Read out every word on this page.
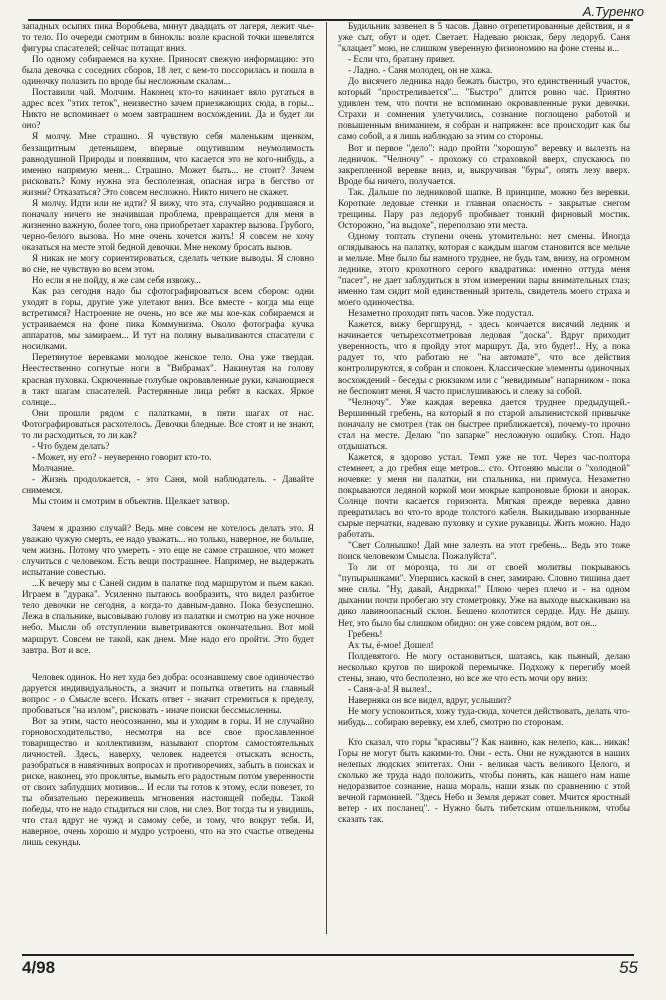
А.Туренко

западных осыпях пика Воробьева, минут двадцать от лагеря, лежит чье-то тело. По очереди смотрим в бинокль: возле красной точки шевелятся фигуры спасателей; сейчас потащат вниз.

По одному собираемся на кухне. Приносят свежую информацию: это была девочка с соседних сборов, 18 лет, с кем-то поссорилась и пошла в одиночку полазить по вроде бы несложным скалам...

Поставили чай. Молчим. Наконец кто-то начинает вяло ругаться в адрес всех "этих теток", неизвестно зачем приезжающих сюда, в горы... Никто не вспоминает о моем завтрашнем восхождении. Да и будет ли оно?

Я молчу. Мне страшно. Я чувствую себя маленьким щенком, беззащитным детенышем, впервые ощутившим неумолимость равнодушной Природы и понявшим, что касается это не кого-нибудь, а именно напрямую меня... Страшно. Может быть... не стоит? Зачем рисковать? Кому нужна эта бесполезная, опасная игра в бегство от жизни? Отказаться? Это совсем несложно. Никто ничего не скажет.

Я молчу. Идти или не идти? Я вижу, что эта, случайно родившаяся и поначалу ничего не значившая проблема, превращается для меня в жизненно важную, более того, она приобретает характер вызова. Грубого, черно-белого вызова. Но мне очень хочется жить! Я совсем не хочу оказаться на месте этой бедной девочки. Мне некому бросать вызов.

Я никак не могу сориентироваться, сделать четкие выводы. Я словно во сне, не чувствую во всем этом.

Но если я не пойду, я же сам себя извожу...

Как раз сегодня надо бы сфотографироваться всем сбором: одни уходят в горы, другие уже улетают вниз. Все вместе - когда мы еще встретимся? Настроение не очень, но все же мы кое-как собираемся и устраиваемся на фоне пика Коммунизма. Около фотографа кучка аппаратов, мы замираем... И тут на поляну вываливаются спасатели с носилками.

Перетянутое веревками молодое женское тело. Она уже твердая. Неестественно согнутые ноги в "Вибрамах". Накинутая на голову красная пуховка. Скрюченные голубые окровавленные руки, качающиеся в такт шагам спасателей. Растерянные лица ребят в касках. Яркое солнце...

Они прошли рядом с палатками, в пяти шагах от нас. Фотографироваться расхотелось. Девочки бледные. Все стоят и не знают, то ли расходиться, то ли как?

- Что будем делать?

- Может, ну его? - неуверенно говорит кто-то.

Молчание.

- Жизнь продолжается, - это Саня, мой наблюдатель. - Давайте снимемся.

Мы стоим и смотрим в объектив. Щелкает затвор.

Зачем я дразню случай? Ведь мне совсем не хотелось делать это. Я уважаю чужую смерть, ее надо уважать... но только, наверное, не больше, чем жизнь. Потому что умереть - это еще не самое страшное, что может случиться с человеком. Есть вещи пострашнее. Например, не выдержать испытание совестью.

...К вечеру мы с Саней сидим в палатке под маршрутом и пьем какао. Играем в "дурака". Усиленно пытаюсь вообразить, что видел разбитое тело девочки не сегодня, а когда-то давным-давно. Пока безуспешно. Лежа в спальнике, высовываю голову из палатки и смотрю на уже ночное небо. Мысли об отступлении выветриваются окончательно. Вот мой маршрут. Совсем не такой, как днем. Мне надо его пройти. Это будет завтра. Вот и все.

Человек одинок. Но нет худа без добра: осознавшему свое одиночество даруется индивидуальность, а значит и попытка ответить на главный вопрос - о Смысле всего. Искать ответ - значит стремиться к пределу, пробоваться "на излом", рисковать - иначе поиски бессмысленны.

Вот за этим, часто неосознанно, мы и уходим в горы. И не случайно горновосходительство, несмотря на все свое прославленное товарищество и коллективизм, называют спортом самостоятельных личностей. Здесь, наверху, человек надеется отыскать ясность, разобраться в навязчивых вопросах и противоречиях, забыть в поисках и риске, наконец, это проклятье, вымыть его радостным потом уверенности от своих заблудших мотивов... И если ты готов к этому, если повезет, то ты обязательно переживешь мгновения настоящей победы. Такой победы, что не надо стыдиться ни слов, ни слез. Вот тогда ты и увидишь, что стал вдруг не чужд и самому себе, и тому, что вокруг тебя. И, наверное, очень хорошо и мудро устроено, что на это счастье отведены лишь секунды.

Будильник зазвенел в 5 часов. Давно отрепетированные действия, и я уже сыт, обут и одет. Светает. Надеваю рюкзак, беру ледоруб. Саня "клацает" мою, не слишком уверенную физиономию на фоне стены и...

- Если что, братану привет.

- Ладно. - Саня молодец, он не хажа.

До висячего ледника надо бежать быстро, это единственный участок, который "простреливается"... "Быстро" длится ровно час. Приятно удивлен тем, что почти не вспоминаю окровавленные руки девочки. Страхи и сомнения улетучились, сознание поглощено работой и повышенным вниманием, я собран и напряжен: все происходит как бы само собой, а я лишь наблюдаю за этим со стороны.

Вот и первое "дело": надо пройти "хорошую" веревку и вылезть на ледничок. "Челночу" - прохожу со страховкой вверх, спускаюсь по закрепленной веревке вниз, и, выкручивая "буры", опять лезу вверх. Вроде бы ничего, получается.

Так. Дальше по ледниковой шапке. В принципе, можно без веревки. Короткие ледовые стенки и главная опасность - закрытые снегом трещины. Пару раз ледоруб пробивает тонкий фирновый мостик. Осторожно, "на выдохе", переползаю эти места.

Одному топтать ступени очень утомительно: нет смены. Иногда оглядываюсь на палатку, которая с каждым шагом становится все мельче и мельче. Мне было бы намного труднее, не будь там, внизу, на огромном леднике, этого крохотного серого квадратика: именно оттуда меня "пасет", не дает заблудиться в этом измерении пары внимательных глаз; именно там сидит мой единственный зритель, свидетель моего страха и моего одиночества.

Незаметно проходит пять часов. Уже подустал.

Кажется, вижу бергшрунд, - здесь кончается висячий ледник и начинается четырехсотметровая ледовая "доска". Вдруг приходит уверенность, что я пройду этот маршрут. Да, это будет!.. Ну, а пока радует то, что работаю не "на автомате", что все действия контролируются, я собран и спокоен. Классические элементы одиночных восхождений - беседы с рюкзаком или с "невидимым" напарником - пока не беспокоят меня. Я часто прислушиваюсь и слежу за собой.

"Челночу". Уже каждая веревка дается труднее предыдущей.- Вершинный гребень, на который я по старой альпинистской привычке поначалу не смотрел (так он быстрее приближается), почему-то прочно стал на месте. Делаю "по запарке" несложную ошибку. Стоп. Надо отдышаться.

Кажется, я здорово устал. Темп уже не тот. Через час-полтора стемнеет, а до гребня еще метров... сто. Отгоняю мысли о "холодной" ночевке: у меня ни палатки, ни спальника, ни примуса. Незаметно покрываются ледяной коркой мои мокрые капроновые брюки и анорак. Солнце почти касается горизонта. Мягкая прежде веревка давно превратилась во что-то вроде толстого кабеля. Выкидываю изорванные сырые перчатки, надеваю пуховку и сухие рукавицы. Жить можно. Надо работать.

"Свет Солнышко! Дай мне залезть на этот гребень... Ведь это тоже поиск человеком Смысла. Пожалуйста".

То ли от морозца, то ли от своей молитвы покрываюсь "пупырышками". Упершись каской в снег, замираю. Словно тишина дает мне силы. "Ну, давай, Андрюха!" Плюю через плечо и - на одном дыхании почти пробегаю эту стометровку. Уже на выходе выскакиваю на дико лавиноопасный склон. Бешено колотится сердце. Иду. Не дышу. Нет, это было бы слишком обидно: он уже совсем рядом, вот он...

Гребень!

Ах ты, ё-мое! Дошел!

Полдевятого. Не могу остановиться, шатаясь, как пьяный, делаю несколько кругов по широкой перемычке. Подхожу к перегибу моей стены, знаю, что бесполезно, но все же что есть мочи ору вниз:

- Саня-а-а! Я вылез!..

Наверняка он все видел, вдруг, услышит?

Не могу успокоиться, хожу туда-сюда, хочется действовать, делать что-нибудь... собираю веревку, ем хлеб, смотрю по сторонам.

Кто сказал, что горы "красивы"? Как наивно, как нелепо, как... никак! Горы не могут быть какими-то. Они - есть. Они не нуждаются в наших нелепых людских эпитетах. Они - великая часть великого Целого, и сколько же труда надо положить, чтобы понять, как нашего нам наше недоразвитое сознание, наша мораль, наши язык по сравнению с этой вечной гармонией. "Здесь Небо и Земля держат совет. Мчится яростный ветер - их посланец". - Нужно быть тибетским отшельником, чтобы сказать так.

4/98	55
